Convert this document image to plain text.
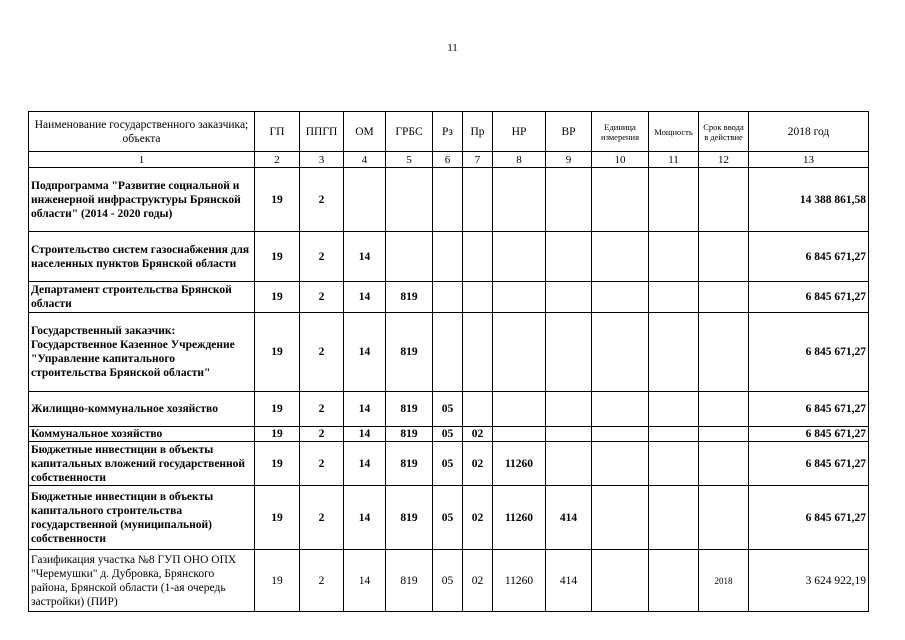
11
Наименование государственного заказчика; объекта	ГП	ППГП	ОМ	ГРБС	Рз	Пр	НР	ВР	Единица измерения	Мощность	Срок ввода в действие	2018 год
1	2	3	4	5	6	7	8	9	10	11	12	13
Подпрограмма "Развитие социальной и инженерной инфраструктуры Брянской области" (2014 - 2020 годы)	19	2										14 388 861,58
Строительство систем газоснабжения для населенных пунктов Брянской области	19	2	14									6 845 671,27
Департамент строительства Брянской области	19	2	14	819								6 845 671,27
Государственный заказчик: Государственное Казенное Учреждение "Управление капитального строительства Брянской области"	19	2	14	819								6 845 671,27
Жилищно-коммунальное хозяйство	19	2	14	819	05							6 845 671,27
Коммунальное хозяйство	19	2	14	819	05	02						6 845 671,27
Бюджетные инвестиции в объекты капитальных вложений государственной собственности	19	2	14	819	05	02	11260					6 845 671,27
Бюджетные инвестиции в объекты капитального строительства государственной (муниципальной) собственности	19	2	14	819	05	02	11260	414				6 845 671,27
Газификация участка №8 ГУП ОНО ОПХ "Черемушки" д. Дубровка, Брянского района, Брянской области (1-ая очередь застройки) (ПИР)	19	2	14	819	05	02	11260	414			2018	3 624 922,19
